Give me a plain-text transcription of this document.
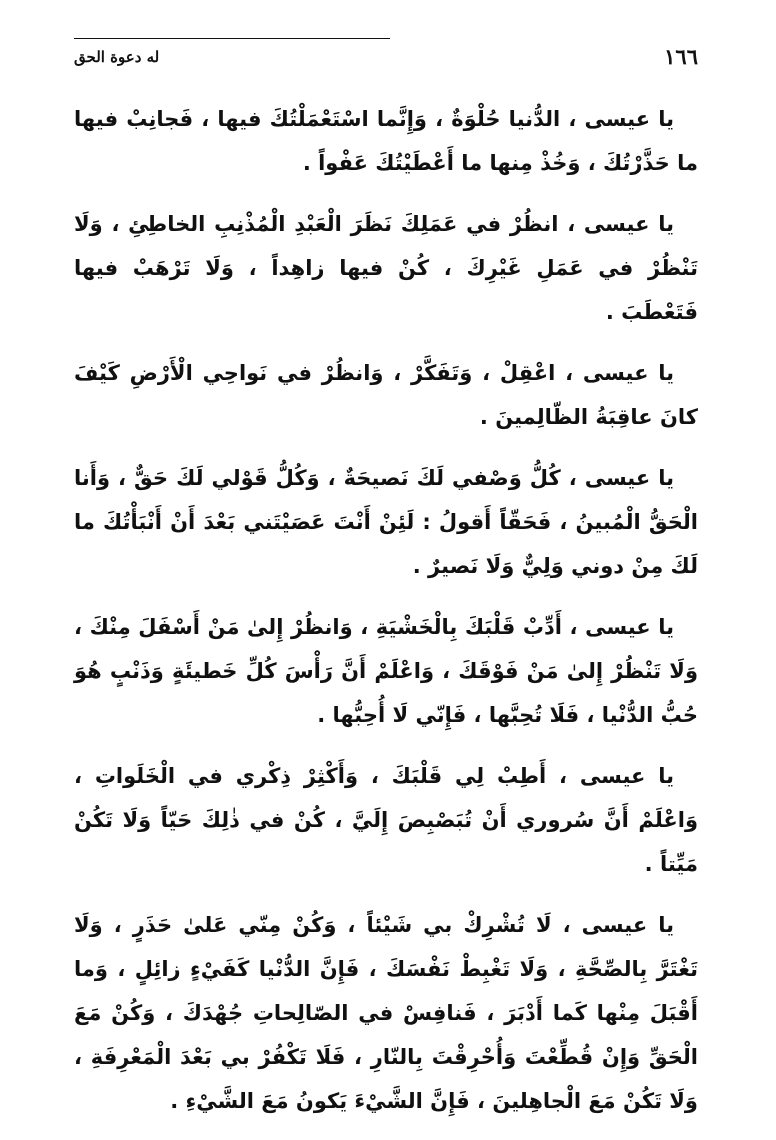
له دعوة الحق	١٦٦

يا عيسى ، الدُّنيا حُلْوَةٌ ، وَإِنَّما اسْتَعْمَلْتُكَ فيها ، فَجانِبْ فيها ما حَذَّرْتُكَ ، وَخُذْ مِنها ما أَعْطَيْتُكَ عَفْواً .

يا عيسى ، انظُرْ في عَمَلِكَ نَظَرَ الْعَبْدِ الْمُذْنِبِ الخاطِئِ ، وَلَا تَنْظُرْ في عَمَلِ غَيْرِكَ ، كُنْ فيها زاهِداً ، وَلَا تَرْهَبْ فيها فَتَعْطَبَ .

يا عيسى ، اعْقِلْ ، وَتَفَكَّرْ ، وَانظُرْ في نَواحِي الْأَرْضِ كَيْفَ كانَ عاقِبَةُ الظّالِمينَ .

يا عيسى ، كُلُّ وَصْفي لَكَ نَصيحَةٌ ، وَكُلُّ قَوْلي لَكَ حَقٌّ ، وَأَنا الْحَقُّ الْمُبينُ ، فَحَقّاً أَقولُ : لَئِنْ أَنْتَ عَصَيْتَني بَعْدَ أَنْ أَنْبَأْتُكَ ما لَكَ مِنْ دوني وَلِيٌّ وَلَا نَصيرٌ .

يا عيسى ، أَدِّبْ قَلْبَكَ بِالْخَشْيَةِ ، وَانظُرْ إِلىٰ مَنْ أَسْفَلَ مِنْكَ ، وَلَا تَنْظُرْ إِلىٰ مَنْ فَوْقَكَ ، وَاعْلَمْ أَنَّ رَأْسَ كُلِّ خَطيئَةٍ وَذَنْبٍ هُوَ حُبُّ الدُّنْيا ، فَلَا تُحِبَّها ، فَإِنّي لَا أُحِبُّها .

يا عيسى ، أَطِبْ لِي قَلْبَكَ ، وَأَكْثِرْ ذِكْري في الْخَلَواتِ ، وَاعْلَمْ أَنَّ سُروري أَنْ تُبَصْبِصَ إِلَيَّ ، كُنْ في ذٰلِكَ حَيّاً وَلَا تَكُنْ مَيِّتاً .

يا عيسى ، لَا تُشْرِكْ بي شَيْئاً ، وَكُنْ مِنّي عَلىٰ حَذَرٍ ، وَلَا تَغْتَرَّ بِالصِّحَّةِ ، وَلَا تَغْبِطْ نَفْسَكَ ، فَإِنَّ الدُّنْيا كَفَيْءٍ زائِلٍ ، وَما أَقْبَلَ مِنْها كَما أَدْبَرَ ، فَنافِسْ في الصّالِحاتِ جُهْدَكَ ، وَكُنْ مَعَ الْحَقِّ وَإِنْ قُطِّعْتَ وَأُحْرِقْتَ بِالنّارِ ، فَلَا تَكْفُرْ بي بَعْدَ الْمَعْرِفَةِ ، وَلَا تَكُنْ مَعَ الْجاهِلينَ ، فَإِنَّ الشَّيْءَ يَكونُ مَعَ الشَّيْءِ .
